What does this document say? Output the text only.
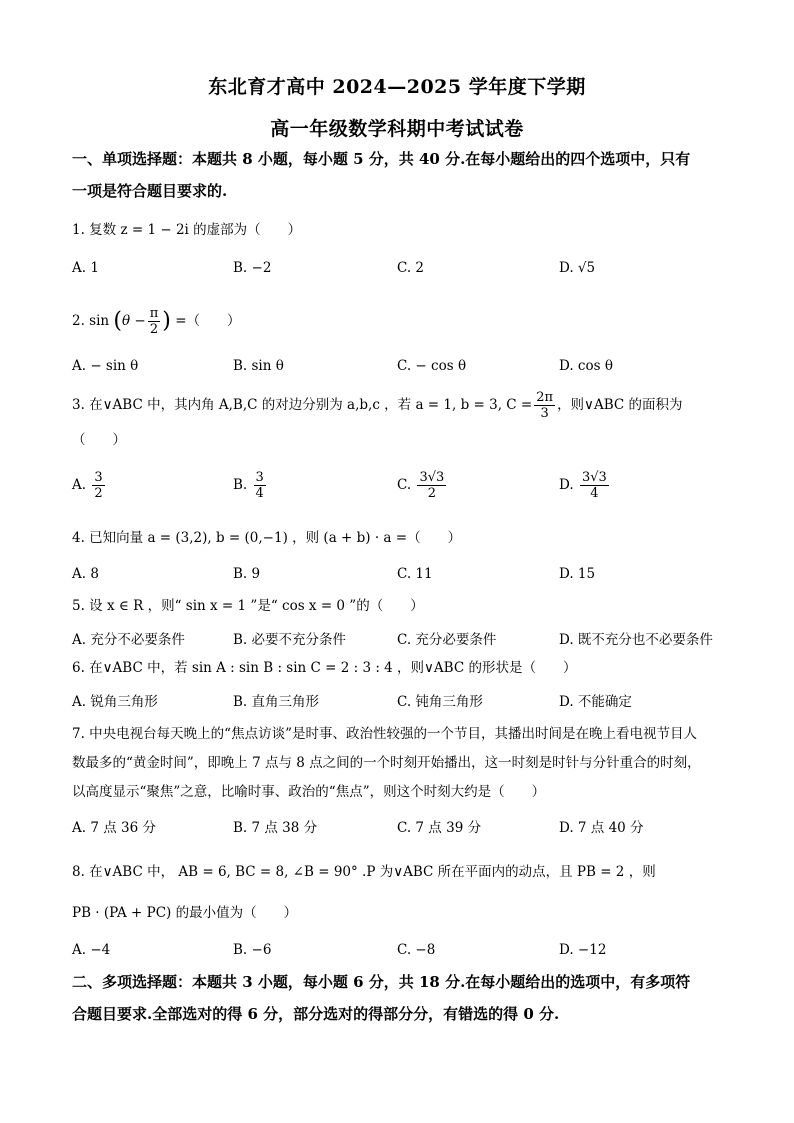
东北育才高中 2024—2025 学年度下学期
高一年级数学科期中考试试卷
一、单项选择题：本题共 8 小题，每小题 5 分，共 40 分.在每小题给出的四个选项中，只有
一项是符合题目要求的.
1. 复数 z = 1 − 2i 的虚部为（　　）
A. 1	B. −2	C. 2	D. √5
2. $\sin (\theta - \frac{\pi}{2}$ ) =（　　）
A. − sin θ	B. sin θ	C. − cos θ	D. cos θ
3. 在∨ABC 中，其内角 A,B,C 的对边分别为 a,b,c ，若 a = 1, b = 3, $C = \frac{2\pi}{3}$ ，则∨ABC 的面积为
（　　）
A. $\frac{3}{2}$	B. $\frac{3}{4}$	C. $\frac{3√3}{2}$	D. $\frac{3√3}{4}$
4. 已知向量 a = (3,2), b = (0,−1) ，则 (a + b) · a =（　　）
A. 8	B. 9	C. 11	D. 15
5. 设 x ∈ R ，则“ sin x = 1 ”是“ cos x = 0 ”的（　　）
A. 充分不必要条件	B. 必要不充分条件	C. 充分必要条件	D. 既不充分也不必要条件
6. 在∨ABC 中，若 sin A : sin B : sin C = 2 : 3 : 4 ，则∨ABC 的形状是（　　）
A. 锐角三角形	B. 直角三角形	C. 钝角三角形	D. 不能确定
7. 中央电视台每天晚上的“焦点访谈”是时事、政治性较强的一个节目，其播出时间是在晚上看电视节目人
数最多的“黄金时间”，即晚上 7 点与 8 点之间的一个时刻开始播出，这一时刻是时针与分针重合的时刻，
以高度显示“聚焦”之意，比喻时事、政治的“焦点”，则这个时刻大约是（　　）
A. 7 点 36 分	B. 7 点 38 分	C. 7 点 39 分	D. 7 点 40 分
8. 在∨ABC 中， AB = 6, BC = 8, ∠B = 90° .P 为∨ABC 所在平面内的动点，且 PB = 2 ，则
PB · (PA + PC) 的最小值为（　　）
A. −4	B. −6	C. −8	D. −12
二、多项选择题：本题共 3 小题，每小题 6 分，共 18 分.在每小题给出的选项中，有多项符
合题目要求.全部选对的得 6 分，部分选对的得部分分，有错选的得 0 分.
